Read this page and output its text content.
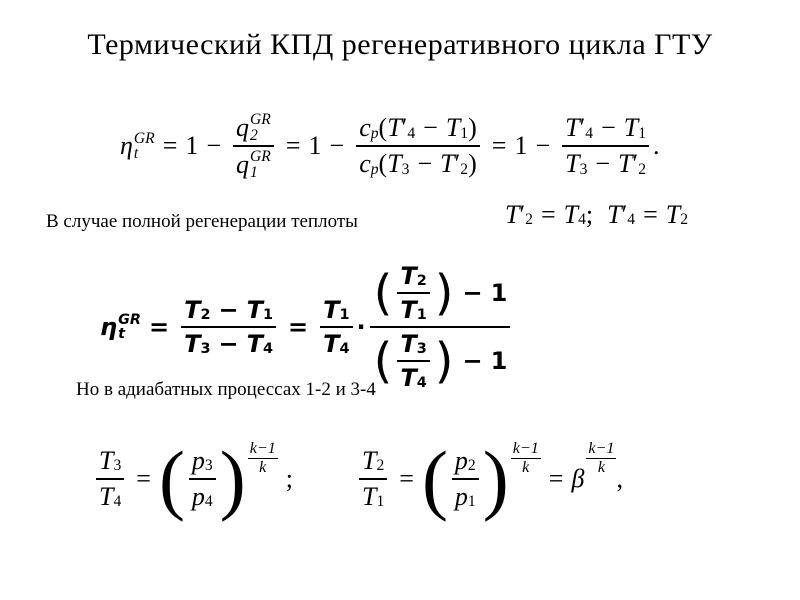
Термический КПД регенеративного цикла ГТУ
η GR
t = 1 − q GR
2
q GR
$1 = 1 - \frac{\text{c p ( T ′ 4 − T 1 )}}{\text{c p ( T 3 − T ′ 2 )}} = 1 - \frac{T ' 4 - T 1}{T 3 - T ' 2}$ .
В случае полной регенерации теплоты	T ′ 2 = T 4 ; T ′ 4 = T 2
η GR
t	= $\frac{T 2 - T 1}{T 3 - T 4} = \frac{T 1}{T 4} \cdot \frac{( \frac{T 2}{T 1} ) - 1}{( \frac{T 3}{T 4} ) - 1}$
Но в адиабатных процессах 1-2 и 3-4
$\frac{T 3}{T 4}$ = ( $\frac{p 3}{p 4}$ ) k−1
k ;	$\frac{T 2}{T 1}$ = ( $\frac{p 2}{p 1}$ ) $\frac{k-1}{k}$
= β
k−1
k ,
